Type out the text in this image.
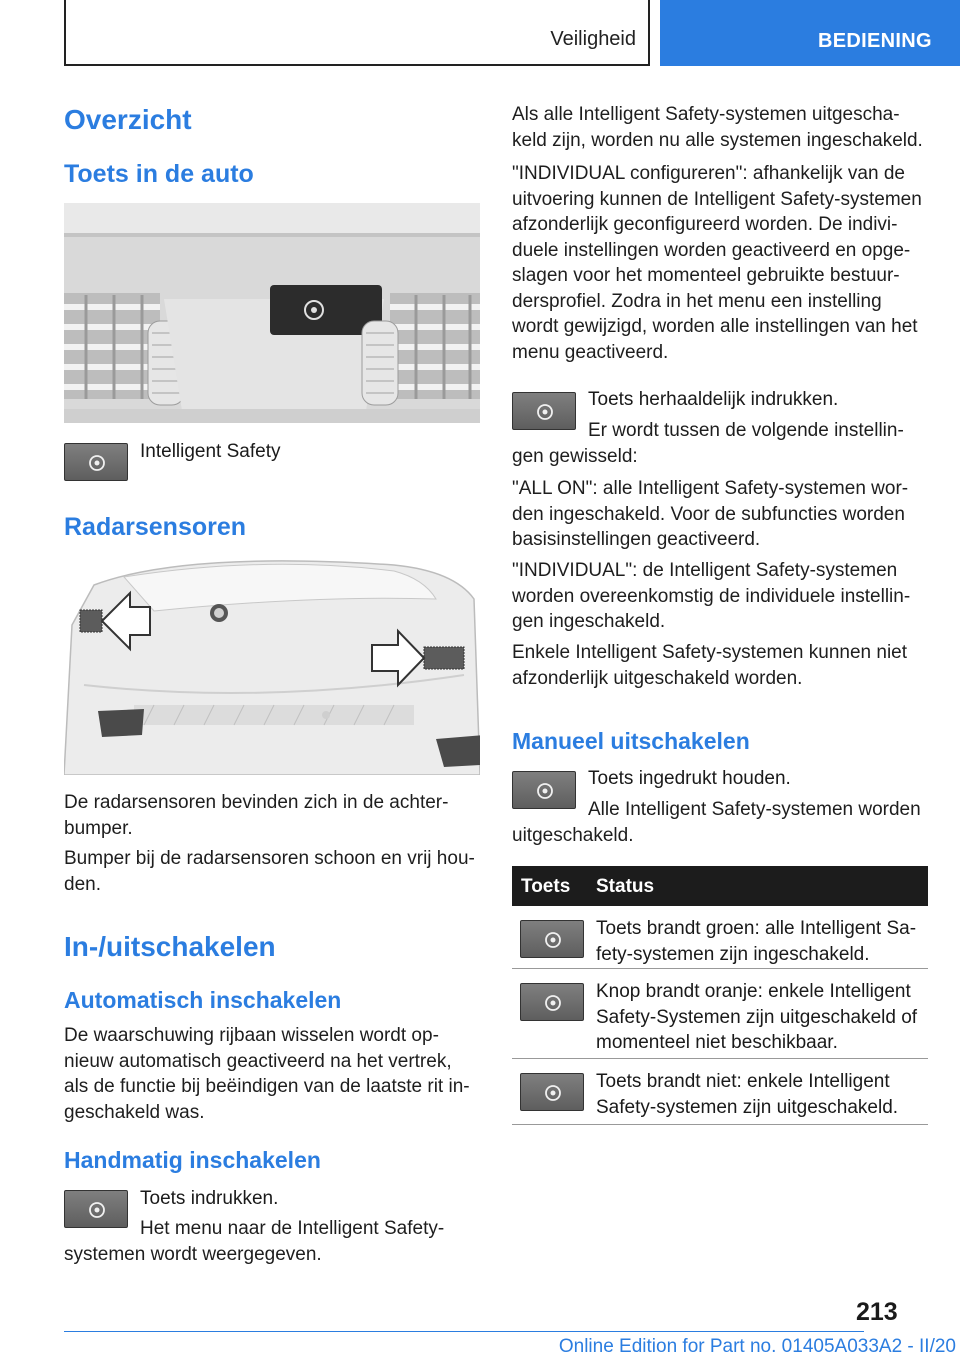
Veiligheid	BEDIENING
Overzicht
Toets in de auto
Intelligent Safety
Radarsensoren

De radarsensoren bevinden zich in de achter-bumper.

Bumper bij de radarsensoren schoon en vrij hou-den.

In-/uitschakelen
Automatisch inschakelen

De waarschuwing rijbaan wisselen wordt op-nieuw automatisch geactiveerd na het vertrek, als de functie bij beëindigen van de laatste rit in-geschakeld was.

Handmatig inschakelen
Toets indrukken.
Het menu naar de Intelligent Safety-systemen wordt weergegeven.

Als alle Intelligent Safety-systemen uitgescha-keld zijn, worden nu alle systemen ingeschakeld.

"INDIVIDUAL configureren": afhankelijk van de uitvoering kunnen de Intelligent Safety-systemen afzonderlijk geconfigureerd worden. De indivi-duele instellingen worden geactiveerd en opge-slagen voor het momenteel gebruikte bestuur-dersprofiel. Zodra in het menu een instelling wordt gewijzigd, worden alle instellingen van het menu geactiveerd.

Toets herhaaldelijk indrukken.
Er wordt tussen de volgende instellin-gen gewisseld:

"ALL ON": alle Intelligent Safety-systemen wor-den ingeschakeld. Voor de subfuncties worden basisinstellingen geactiveerd.

"INDIVIDUAL": de Intelligent Safety-systemen worden overeenkomstig de individuele instellin-gen ingeschakeld.

Enkele Intelligent Safety-systemen kunnen niet afzonderlijk uitgeschakeld worden.

Manueel uitschakelen
Toets ingedrukt houden.
Alle Intelligent Safety-systemen worden uitgeschakeld.
Toets Status
Toets brandt groen: alle Intelligent Sa-fety-systemen zijn ingeschakeld.
Knop brandt oranje: enkele Intelligent Safety-Systemen zijn uitgeschakeld of momenteel niet beschikbaar.
Toets brandt niet: enkele Intelligent Safety-systemen zijn uitgeschakeld.
213
Online Edition for Part no. 01405A033A2 - II/20
